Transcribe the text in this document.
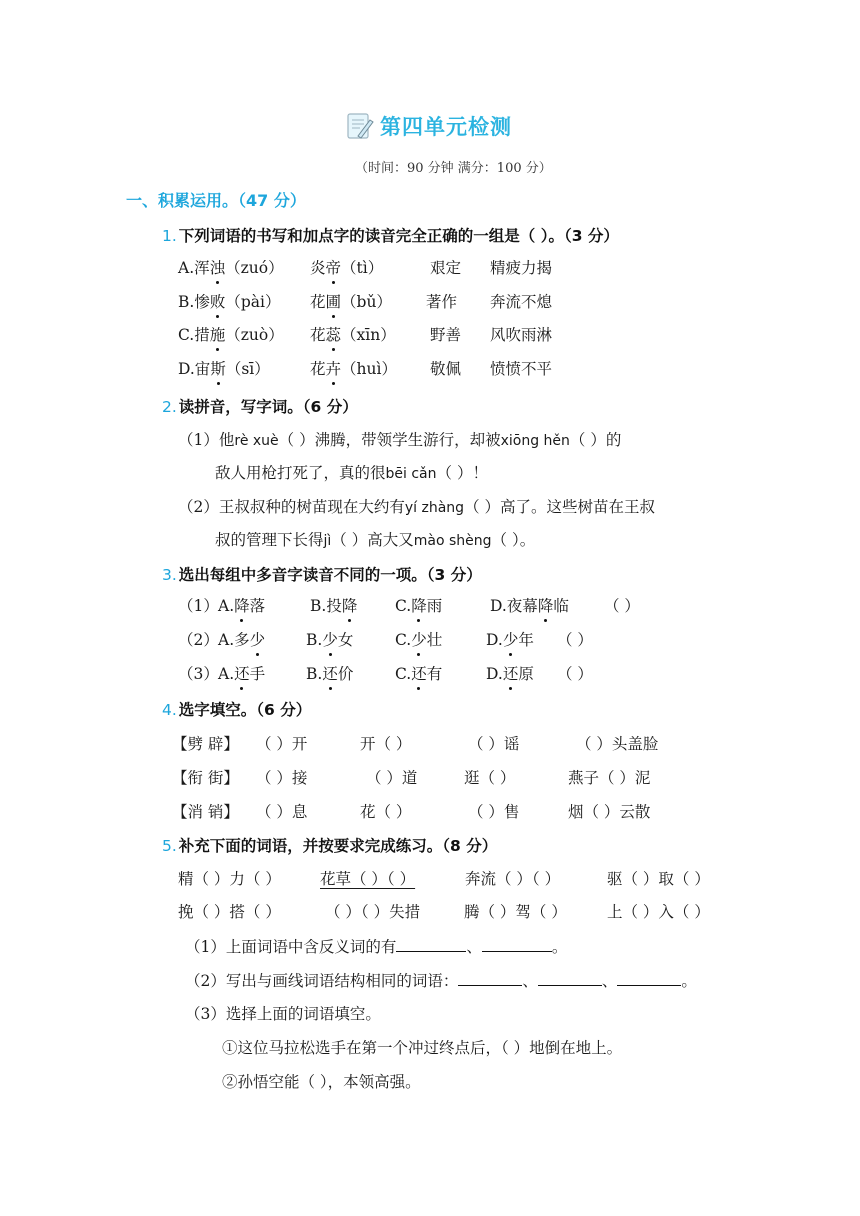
第四单元检测
（时间：90 分钟 满分：100 分）
一、积累运用。（47 分）
1. 下列词语的书写和加点字的读音完全正确的一组是（ ）。（3 分）
A.浑浊（zuó） 炎帝（tì）	艰定 精疲力揭
B.惨败（pài） 花圃（bǔ） 著作 奔流不熄
C.措施（zuò） 花蕊（xīn） 野善 风吹雨淋
D.宙斯（sī）	花卉（huì） 敬佩 愤愤不平
2. 读拼音，写字词。（6 分）
（1）他rè xuè（ ）沸腾，带领学生游行，却被xiōng hěn（ ）的
敌人用枪打死了，真的很bēi cǎn（ ）！
（2）王叔叔种的树苗现在大约有yí zhàng（ ）高了。这些树苗在王叔
叔的管理下长得jì（ ）高大又mào shèng（ ）。
3. 选出每组中多音字读音不同的一项。（3 分）
（1） A.降落	B.投降 C.降雨	D.夜幕降临 （ ）
（2） A.多少	B.少女	C.少壮	D.少年 （ ）
（3） A.还手	B.还价	C.还有	D.还原 （ ）
4. 选字填空。（6 分）
【劈 辟】 （ ）开	开（ ）	（ ）谣	（ ）头盖脸
【衔 街】 （ ）接	（ ）道	逛（ ）	燕子（ ）泥
【消 销】 （ ）息	花（ ）	（ ）售	烟（ ）云散
5. 补充下面的词语，并按要求完成练习。（8 分）
精（ ）力（ ）	花草（ ）（ ）	奔流（ ）（ ）	驱（ ）取（ ）
挽（ ）搭（ ）	（ ）（ ）失措	腾（ ）驾（ ）	上（ ）入（ ）
（1）上面词语中含反义词的有	、	。
（2）写出与画线词语结构相同的词语：	、	、	。
（3）选择上面的词语填空。
①这位马拉松选手在第一个冲过终点后，（ ）地倒在地上。
②孙悟空能（ ），本领高强。
